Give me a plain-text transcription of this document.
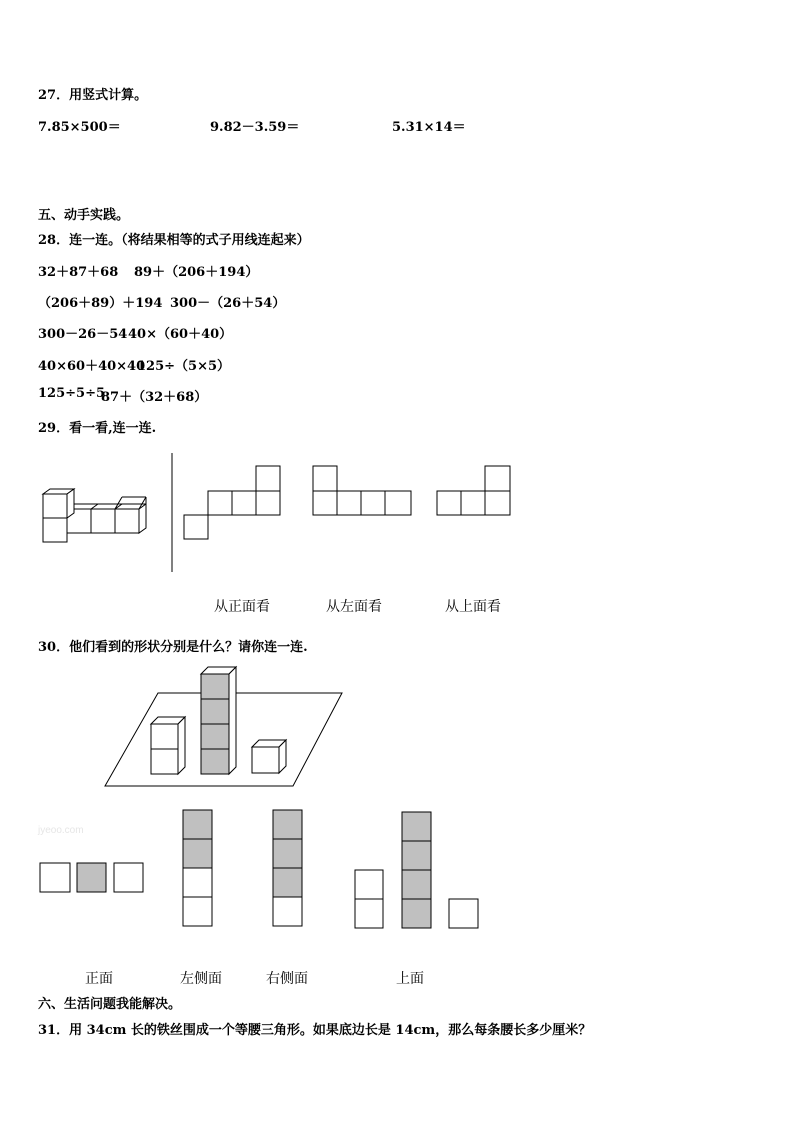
27．用竖式计算。
7.85×500＝	9.82－3.59＝	5.31×14＝
五、动手实践。
28．连一连。（将结果相等的式子用线连起来）
32＋87＋68 89＋（206＋194）
（206＋89）＋194 300－（26＋54）
300－26－54 40×（60＋40）
40×60＋40×40
125÷（5×5）
125÷5÷5
87＋（32＋68）
29．看一看,连一连.
从正面看	从左面看	从上面看
30．他们看到的形状分别是什么？请你连一连.
jyeoo.com
正面	左侧面	右侧面	上面
六、生活问题我能解决。
31．用 34cm 长的铁丝围成一个等腰三角形。如果底边长是 14cm，那么每条腰长多少厘米？
